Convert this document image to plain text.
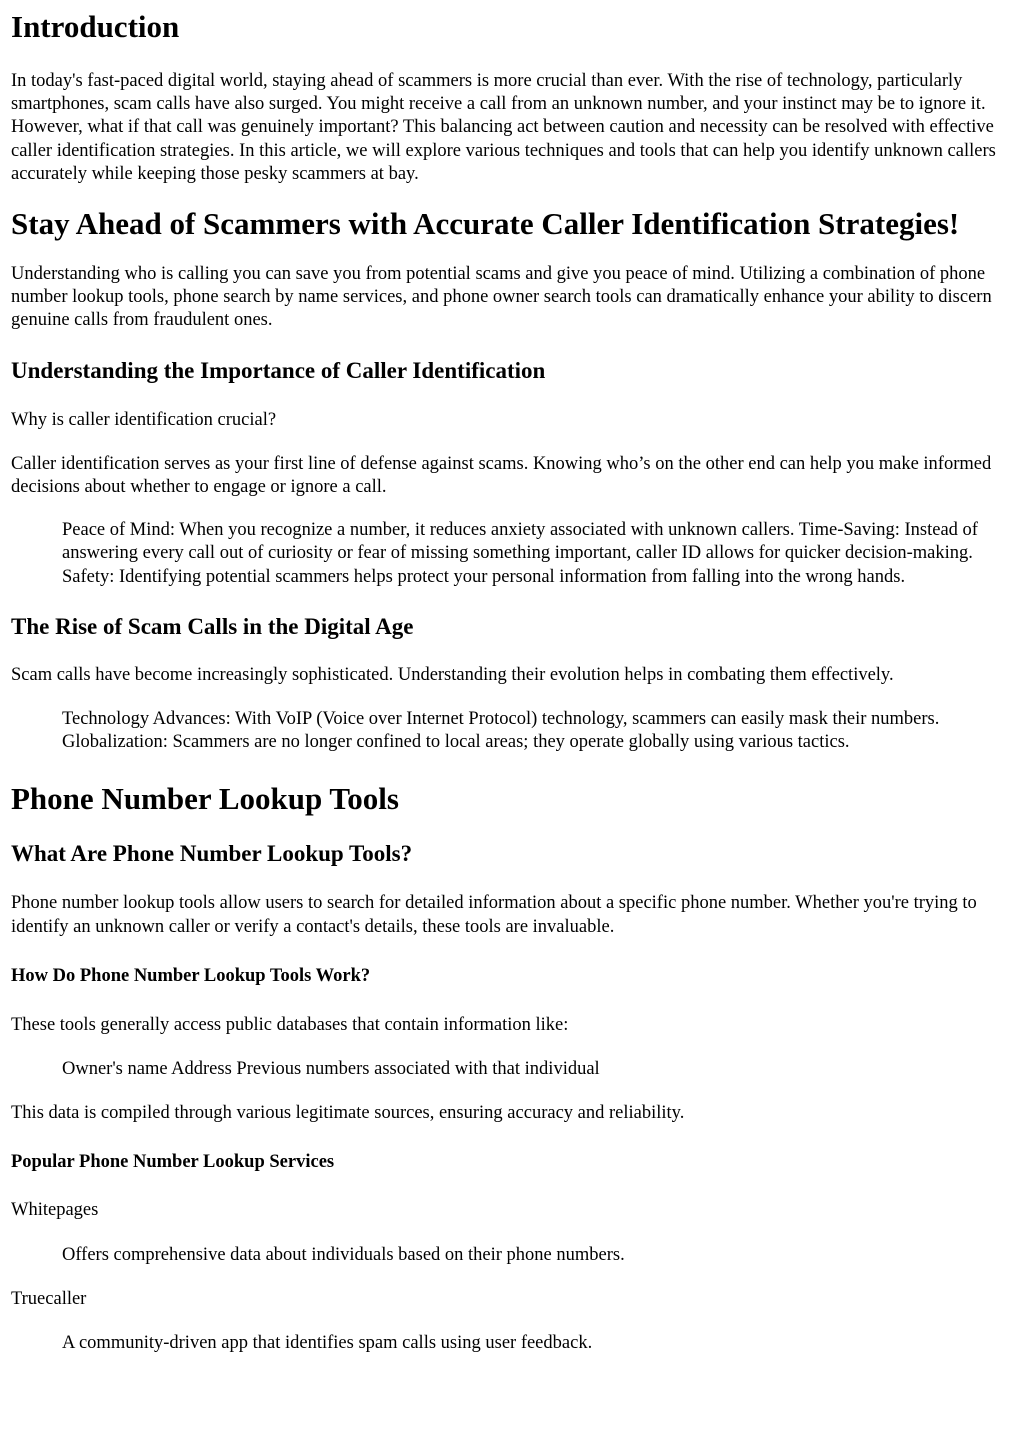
Introduction

In today's fast-paced digital world, staying ahead of scammers is more crucial than ever. With the rise of technology, particularly smartphones, scam calls have also surged. You might receive a call from an unknown number, and your instinct may be to ignore it. However, what if that call was genuinely important? This balancing act between caution and necessity can be resolved with effective caller identification strategies. In this article, we will explore various techniques and tools that can help you identify unknown callers accurately while keeping those pesky scammers at bay.

Stay Ahead of Scammers with Accurate Caller Identification Strategies!

Understanding who is calling you can save you from potential scams and give you peace of mind. Utilizing a combination of phone number lookup tools, phone search by name services, and phone owner search tools can dramatically enhance your ability to discern genuine calls from fraudulent ones.

Understanding the Importance of Caller Identification

Why is caller identification crucial?

Caller identification serves as your first line of defense against scams. Knowing who’s on the other end can help you make informed decisions about whether to engage or ignore a call.

Peace of Mind: When you recognize a number, it reduces anxiety associated with unknown callers. Time-Saving: Instead of answering every call out of curiosity or fear of missing something important, caller ID allows for quicker decision-making. Safety: Identifying potential scammers helps protect your personal information from falling into the wrong hands.
The Rise of Scam Calls in the Digital Age

Scam calls have become increasingly sophisticated. Understanding their evolution helps in combating them effectively.

Technology Advances: With VoIP (Voice over Internet Protocol) technology, scammers can easily mask their numbers. Globalization: Scammers are no longer confined to local areas; they operate globally using various tactics.
Phone Number Lookup Tools
What Are Phone Number Lookup Tools?

Phone number lookup tools allow users to search for detailed information about a specific phone number. Whether you're trying to identify an unknown caller or verify a contact's details, these tools are invaluable.

How Do Phone Number Lookup Tools Work?

These tools generally access public databases that contain information like:

Owner's name Address Previous numbers associated with that individual

This data is compiled through various legitimate sources, ensuring accuracy and reliability.

Popular Phone Number Lookup Services

Whitepages

Offers comprehensive data about individuals based on their phone numbers.

Truecaller

A community-driven app that identifies spam calls using user feedback.
